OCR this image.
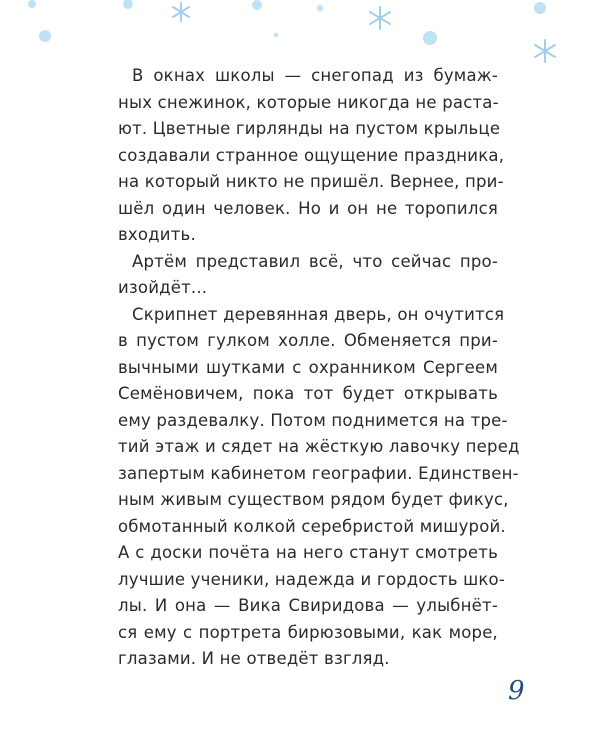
В окнах школы — снегопад из бумаж-
ных снежинок, которые никогда не раста-
ют. Цветные гирлянды на пустом крыльце
создавали странное ощущение праздника,
на который никто не пришёл. Вернее, при-
шёл один человек. Но и он не торопился
входить.
Артём представил всё, что сейчас про-
изойдёт...
Скрипнет деревянная дверь, он очутится
в пустом гулком холле. Обменяется при-
вычными шутками с охранником Сергеем
Семёновичем, пока тот будет открывать
ему раздевалку. Потом поднимется на тре-
тий этаж и сядет на жёсткую лавочку перед
запертым кабинетом географии. Единствен-
ным живым существом рядом будет фикус,
обмотанный колкой серебристой мишурой.
А с доски почёта на него станут смотреть
лучшие ученики, надежда и гордость шко-
лы. И она — Вика Свиридова — улыбнёт-
ся ему с портрета бирюзовыми, как море,
глазами. И не отведёт взгляд.
9
